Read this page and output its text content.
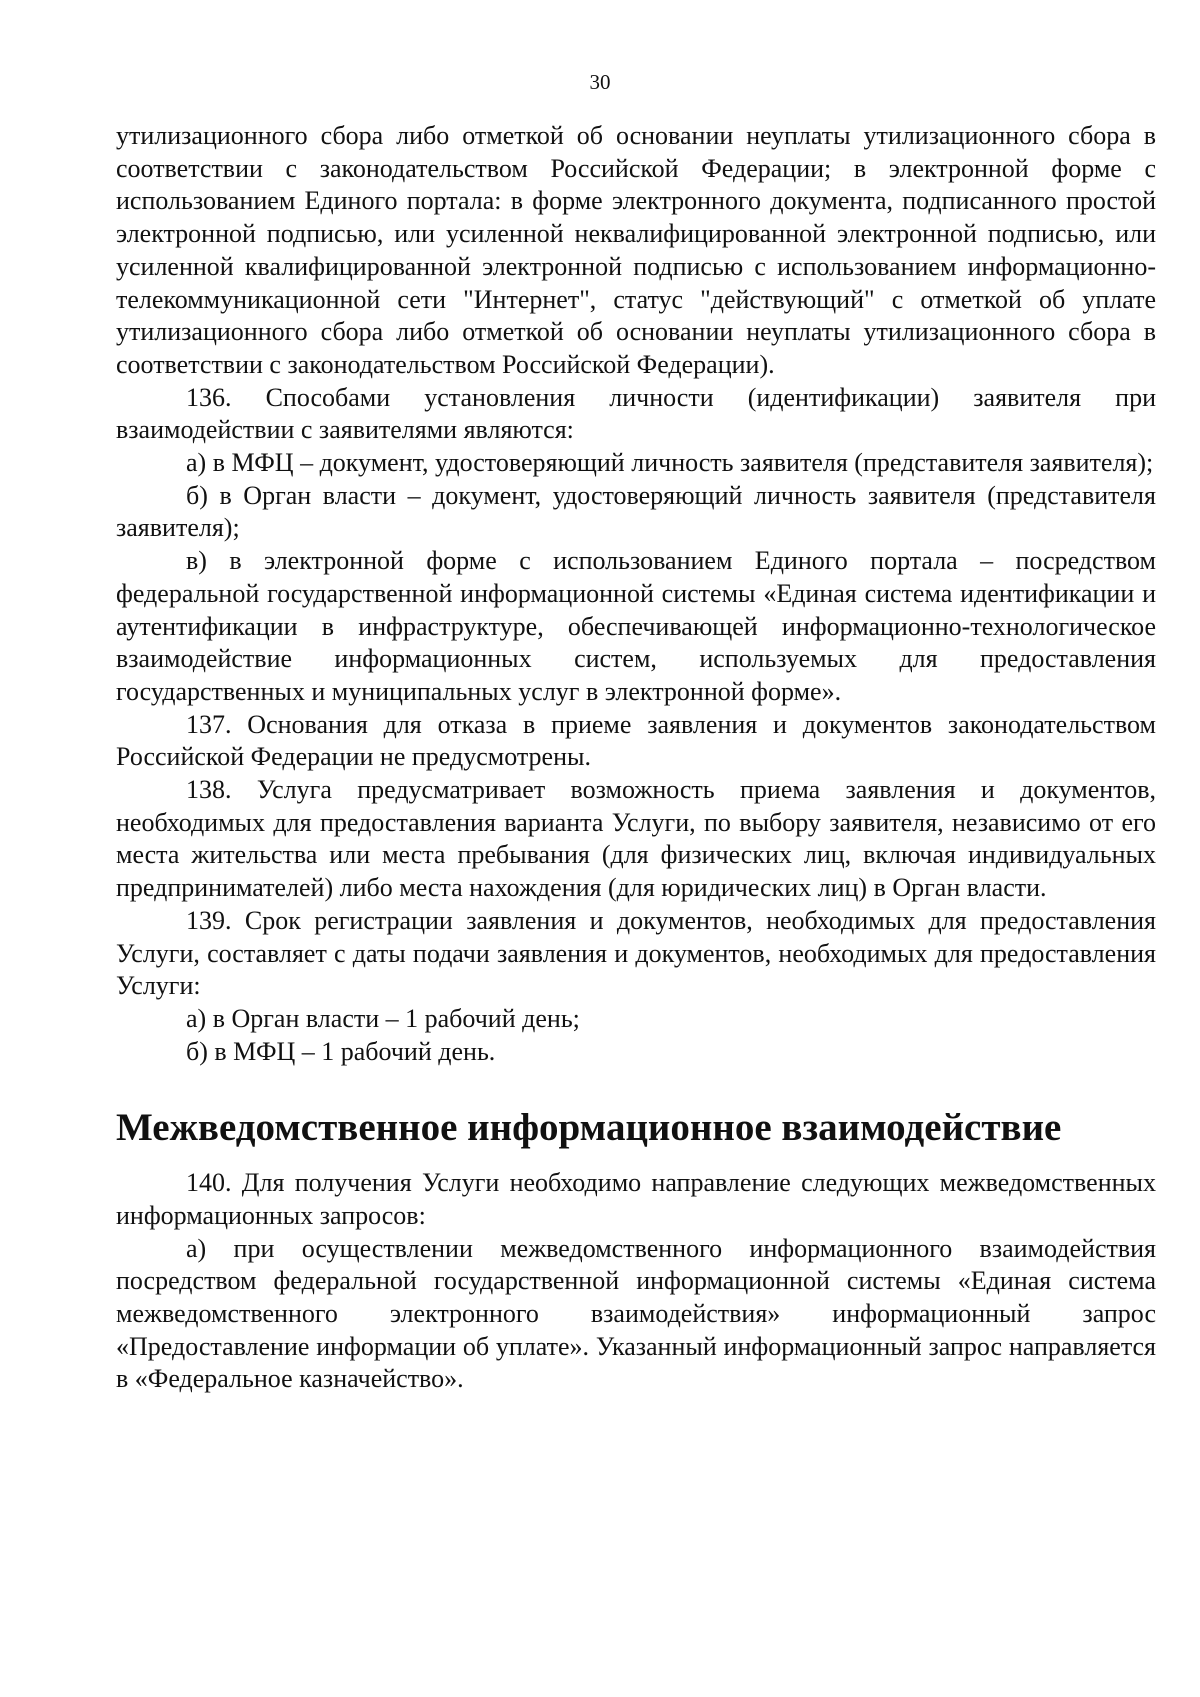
30

утилизационного сбора либо отметкой об основании неуплаты утилизационного сбора в соответствии с законодательством Российской Федерации; в электронной форме с использованием Единого портала: в форме электронного документа, подписанного простой электронной подписью, или усиленной неквалифицированной электронной подписью, или усиленной квалифицированной электронной подписью с использованием информационно-телекоммуникационной сети "Интернет", статус "действующий" с отметкой об уплате утилизационного сбора либо отметкой об основании неуплаты утилизационного сбора в соответствии с законодательством Российской Федерации).

136. Способами установления личности (идентификации) заявителя при взаимодействии с заявителями являются:

а) в МФЦ – документ, удостоверяющий личность заявителя (представителя заявителя);

б) в Орган власти – документ, удостоверяющий личность заявителя (представителя заявителя);

в) в электронной форме с использованием Единого портала – посредством федеральной государственной информационной системы «Единая система идентификации и аутентификации в инфраструктуре, обеспечивающей информационно-технологическое взаимодействие информационных систем, используемых для предоставления государственных и муниципальных услуг в электронной форме».

137. Основания для отказа в приеме заявления и документов законодательством Российской Федерации не предусмотрены.

138. Услуга предусматривает возможность приема заявления и документов, необходимых для предоставления варианта Услуги, по выбору заявителя, независимо от его места жительства или места пребывания (для физических лиц, включая индивидуальных предпринимателей) либо места нахождения (для юридических лиц) в Орган власти.

139. Срок регистрации заявления и документов, необходимых для предоставления Услуги, составляет с даты подачи заявления и документов, необходимых для предоставления Услуги:

а) в Орган власти – 1 рабочий день;

б) в МФЦ – 1 рабочий день.

Межведомственное информационное взаимодействие

140. Для получения Услуги необходимо направление следующих межведомственных информационных запросов:

а) при осуществлении межведомственного информационного взаимодействия посредством федеральной государственной информационной системы «Единая система межведомственного электронного взаимодействия» информационный запрос «Предоставление информации об уплате». Указанный информационный запрос направляется в «Федеральное казначейство».
